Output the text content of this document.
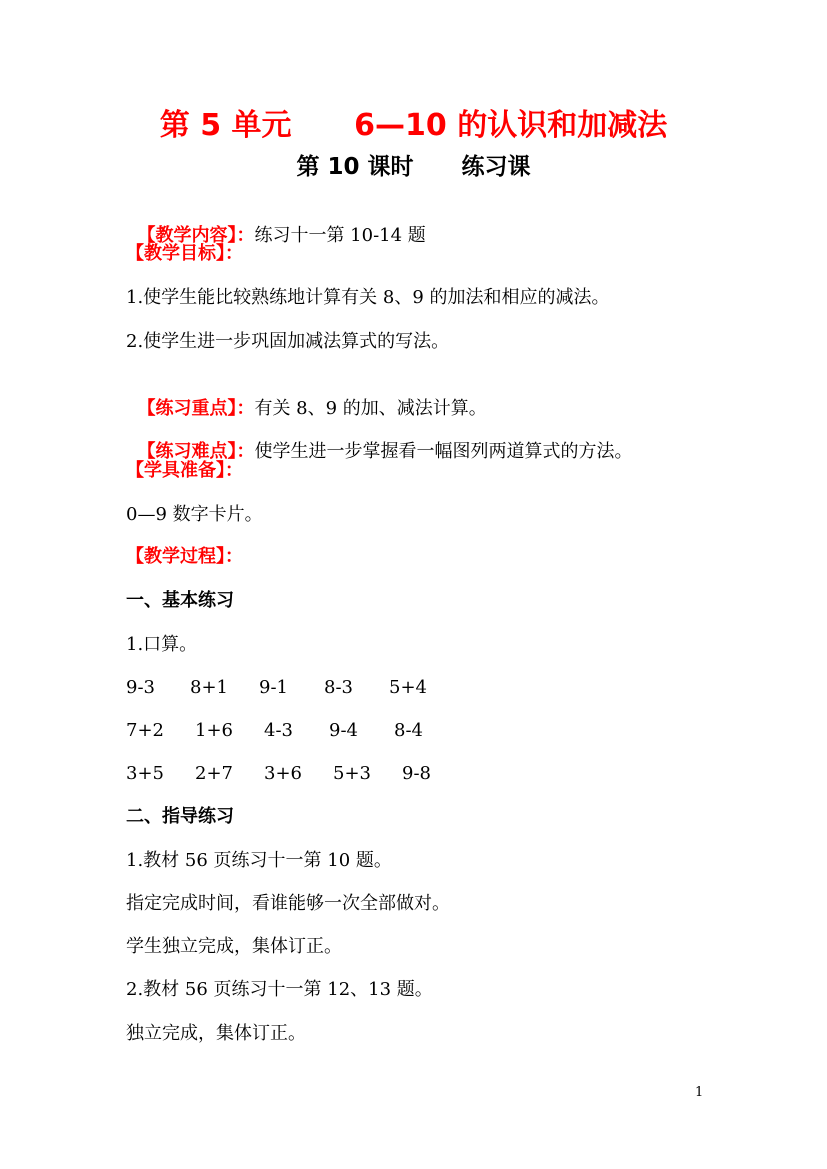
第 5 单元      6—10 的认识和加减法
第 10 课时      练习课

【教学内容】：练习十一第 10-14 题

【教学目标】：
1.使学生能比较熟练地计算有关 8、9 的加法和相应的减法。
2.使学生进一步巩固加减法算式的写法。

【练习重点】：有关 8、9 的加、减法计算。

【练习难点】：使学生进一步掌握看一幅图列两道算式的方法。

【学具准备】：
0—9 数字卡片。
【教学过程】：
一、基本练习
1.口算。
9-3 8+1 9-1 8-3 5+4
7+2 1+6 4-3 9-4 8-4
3+5 2+7 3+6 5+3 9-8
二、指导练习
1.教材 56 页练习十一第 10 题。
指定完成时间，看谁能够一次全部做对。
学生独立完成，集体订正。
2.教材 56 页练习十一第 12、13 题。
独立完成，集体订正。
1
